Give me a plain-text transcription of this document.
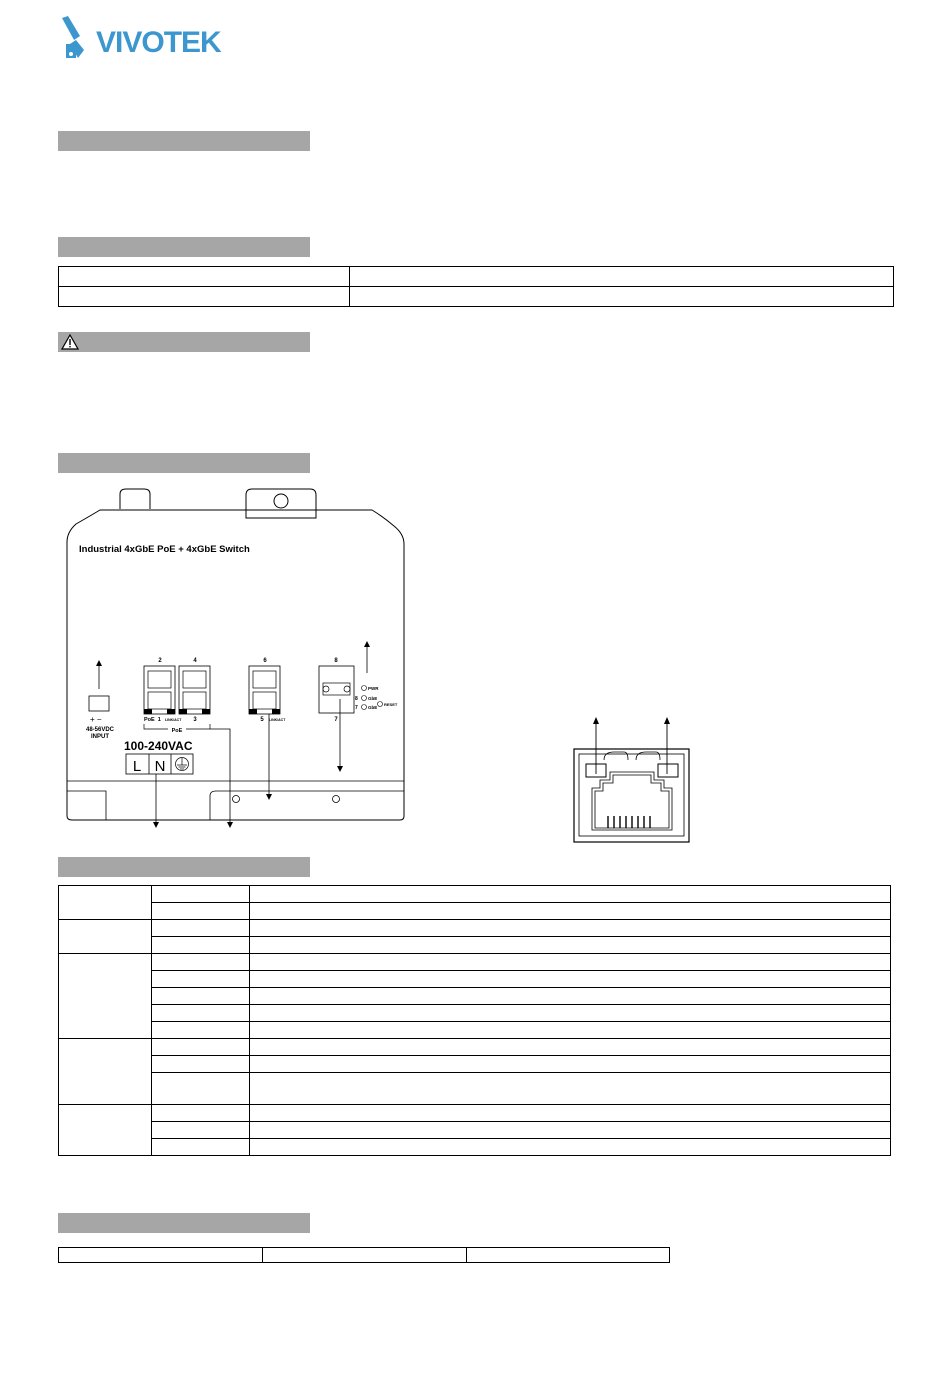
VIVOTEK

Industrial 4xGbE PoE + 4xGbE Switch
+ −
48-56VDC
INPUT
2	4	6	8
PoE  1 LINK/ACT 3	5 LINK/ACT	7
PoE
PWR
8 GbE
7 GbE
RESET
100-240VAC
L N
